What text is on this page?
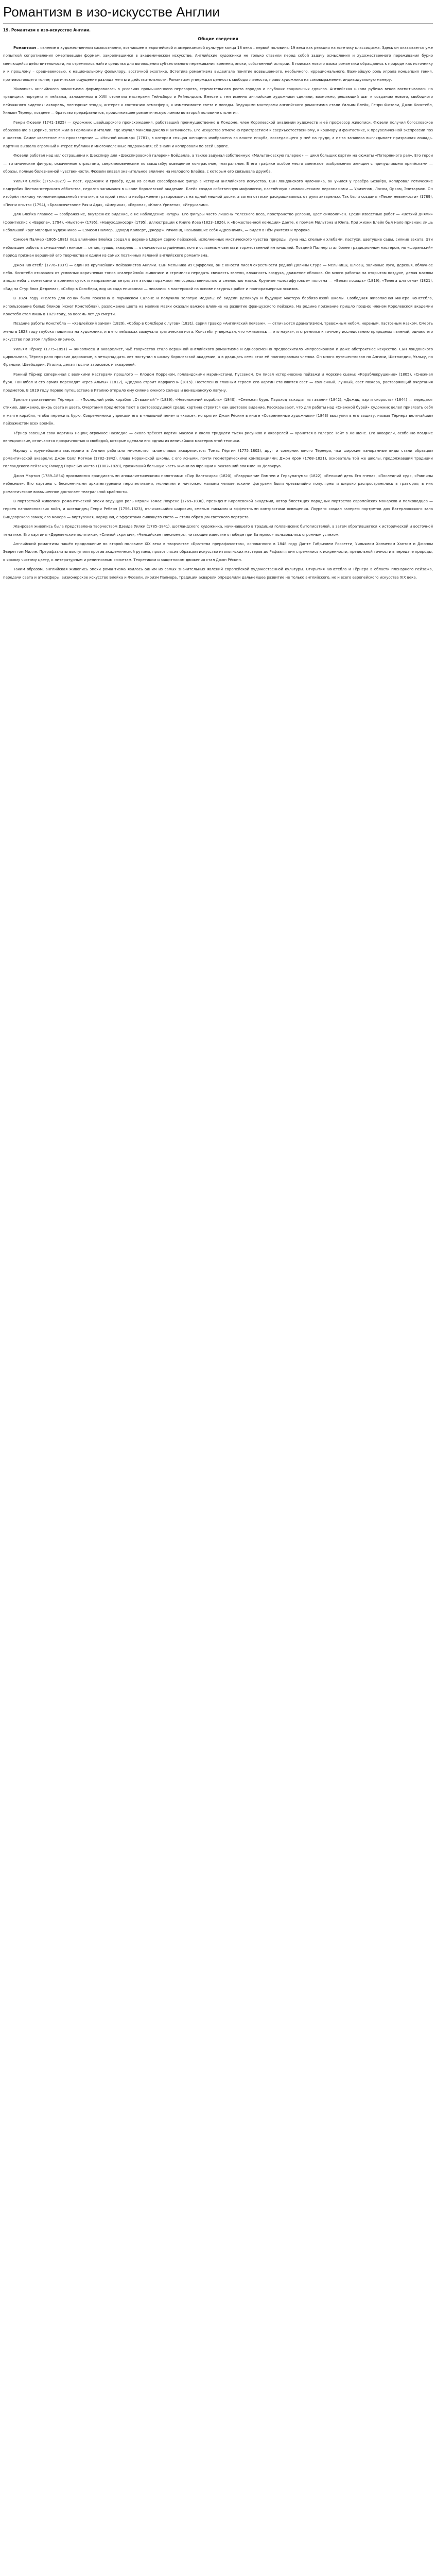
Романтизм в изо-искусстве Англии
19. Романтизм в изо-искусстве Англии.
Общие сведения

Романтизм – явление в художественном самосознании, возникшее в европейской и американской культуре конца 18 века – первой половины 19 века как реакция на эстетику классицизма. Здесь он оказывается уже попыткой сопротивления омертвевшим формам, закрепившимся в академическом искусстве. Английские художники не только ставили перед собой задачу осмысления и художественного переживания бурно меняющейся действительности, но стремились найти средства для воплощения субъективного переживания времени, эпохи, собственной истории. В поисках нового языка романтики обращались к природе как источнику и к прошлому – средневековью, к национальному фольклору, восточной экзотике. Эстетика романтизма выдвигала понятие возвышенного, необычного, иррационального. Важнейшую роль играла концепция гения, противостоящего толпе; трагическое ощущение разлада мечты и действительности. Романтизм утверждал ценность свободы личности, право художника на самовыражение, индивидуальную манеру.

Живопись английского романтизма формировалась в условиях промышленного переворота, стремительного роста городов и глубоких социальных сдвигов. Английская школа рубежа веков воспитывалась на традициях портрета и пейзажа, заложенных в XVIII столетии мастерами Гейнсборо и Рейнолдсом. Вместе с тем именно английские художники сделали, возможно, решающий шаг к созданию нового, свободного пейзажного видения: акварель, пленэрные этюды, интерес к состоянию атмосферы, к изменчивости света и погоды. Ведущими мастерами английского романтизма стали Уильям Блейк, Генри Фюзели, Джон Констебл, Уильям Тёрнер, позднее — братство прерафаэлитов, продолжившее романтическую линию во второй половине столетия.

Генри Фюзели (1741–1825) — художник швейцарского происхождения, работавший преимущественно в Лондоне, член Королевской академии художеств и её профессор живописи. Фюзели получил богословское образование в Цюрихе, затем жил в Германии и Италии, где изучал Микеланджело и античность. Его искусство отмечено пристрастием к сверхъестественному, к кошмару и фантастике, к преувеличенной экспрессии поз и жестов. Самое известное его произведение — «Ночной кошмар» (1781), в котором спящая женщина изображена во власти инкуба, восседающего у неё на груди, а из-за занавеса выглядывает призрачная лошадь. Картина вызвала огромный интерес публики и многочисленные подражания; её знали и копировали по всей Европе.

Фюзели работал над иллюстрациями к Шекспиру для «Шекспировской галереи» Бойделла, а также задумал собственную «Мильтоновскую галерею» — цикл больших картин на сюжеты «Потерянного рая». Его герои — титанические фигуры, охваченные страстями, сверхчеловеческие по масштабу; освещение контрастное, театральное. В его графике особое место занимают изображения женщин с причудливыми причёсками — образы, полные болезненной чувственности. Фюзели оказал значительное влияние на молодого Блейка, с которым его связывала дружба.

Уильям Блейк (1757–1827) — поэт, художник и гравёр, одна из самых своеобразных фигур в истории английского искусства. Сын лондонского чулочника, он учился у гравёра Безайра, копировал готические надгробия Вестминстерского аббатства, недолго занимался в школе Королевской академии. Блейк создал собственную мифологию, населённую символическими персонажами — Уризеном, Лосом, Орком, Энитармон. Он изобрёл технику «иллюминированной печати», в которой текст и изображение гравировались на одной медной доске, а затем оттиски раскрашивались от руки акварелью. Так были созданы «Песни невинности» (1789), «Песни опыта» (1794), «Бракосочетание Рая и Ада», «Америка», «Европа», «Книга Уризена», «Иерусалим».

Для Блейка главное — воображение, внутреннее видение, а не наблюдение натуры. Его фигуры часто лишены телесного веса, пространство условно, цвет символичен. Среди известных работ — «Ветхий днями» (фронтиспис к «Европе», 1794), «Ньютон» (1795), «Навуходоносор» (1795), иллюстрации к Книге Иова (1823–1826), к «Божественной комедии» Данте, к поэмам Мильтона и Юнга. При жизни Блейк был мало признан; лишь небольшой круг молодых художников — Сэмюэл Палмер, Эдвард Калверт, Джордж Ричмонд, называвшие себя «Древними», — видел в нём учителя и пророка.

Сэмюэл Палмер (1805–1881) под влиянием Блейка создал в деревне Шорэм серию пейзажей, исполненных мистического чувства природы: луна над спелыми хлебами, пастухи, цветущие сады, сияние заката. Эти небольшие работы в смешанной технике — сепия, гуашь, акварель — отличаются сгущённым, почти осязаемым светом и торжественной интонацией. Поздний Палмер стал более традиционным мастером, но «шорэмский» период признан вершиной его творчества и одним из самых поэтичных явлений английского романтизма.

Джон Констебл (1776–1837) — один из крупнейших пейзажистов Англии. Сын мельника из Суффолка, он с юности писал окрестности родной Долины Стура — мельницы, шлюзы, заливные луга, деревья, облачное небо. Констебл отказался от условных коричневых тонов «галерейной» живописи и стремился передать свежесть зелени, влажность воздуха, движение облаков. Он много работал на открытом воздухе, делая маслом этюды неба с пометками о времени суток и направлении ветра; эти этюды поражают непосредственностью и смелостью мазка. Крупные «шестифутовые» полотна — «Белая лошадь» (1819), «Телега для сена» (1821), «Вид на Стур близ Дедхема», «Собор в Солсбери, вид из сада епископа» — писались в мастерской на основе натурных работ и полноразмерных эскизов.

В 1824 году «Телега для сена» была показана в парижском Салоне и получила золотую медаль; её видели Делакруа и будущие мастера барбизонской школы. Свободная живописная манера Констебла, использование белых бликов («снег Констебла»), разложение цвета на мелкие мазки оказали важное влияние на развитие французского пейзажа. На родине признание пришло поздно: членом Королевской академии Констебл стал лишь в 1829 году, за восемь лет до смерти.

Поздние работы Констебла — «Хэдлейский замок» (1829), «Собор в Солсбери с лугов» (1831), серия гравюр «Английский пейзаж», — отличаются драматизмом, тревожным небом, нервным, пастозным мазком. Смерть жены в 1828 году глубоко повлияла на художника, и в его пейзажах зазвучала трагическая нота. Констебл утверждал, что «живопись — это наука», и стремился к точному исследованию природных явлений, однако его искусство при этом глубоко лирично.

Уильям Тёрнер (1775–1851) — живописец и акварелист, чьё творчество стало вершиной английского романтизма и одновременно предвосхитило импрессионизм и даже абстрактное искусство. Сын лондонского цирюльника, Тёрнер рано проявил дарование, в четырнадцать лет поступил в школу Королевской академии, а в двадцать семь стал её полноправным членом. Он много путешествовал по Англии, Шотландии, Уэльсу, по Франции, Швейцарии, Италии, делая тысячи зарисовок и акварелей.

Ранний Тёрнер соперничал с великими мастерами прошлого — Клодом Лорреном, голландскими маринистами, Пуссеном. Он писал исторические пейзажи и морские сцены: «Кораблекрушение» (1805), «Снежная буря. Ганнибал и его армия переходят через Альпы» (1812), «Дидона строит Карфаген» (1815). Постепенно главным героем его картин становится свет — солнечный, лунный, свет пожара, растворяющий очертания предметов. В 1819 году первое путешествие в Италию открыло ему сияние южного солнца и венецианскую лагуну.

Зрелые произведения Тёрнера — «Последний рейс корабля „Отважный“» (1839), «Невольничий корабль» (1840), «Снежная буря. Пароход выходит из гавани» (1842), «Дождь, пар и скорость» (1844) — передают стихию, движение, вихрь света и цвета. Очертания предметов тают в световоздушной среде; картина строится как цветовое видение. Рассказывают, что для работы над «Снежной бурей» художник велел привязать себя к мачте корабля, чтобы пережить бурю. Современники упрекали его в «мыльной пене» и «хаосе», но критик Джон Рёскин в книге «Современные художники» (1843) выступил в его защиту, назвав Тёрнера величайшим пейзажистом всех времён.

Тёрнер завещал свои картины нации; огромное наследие — около трёхсот картин маслом и около тридцати тысяч рисунков и акварелей — хранится в галерее Тейт в Лондоне. Его акварели, особенно поздние венецианские, отличаются прозрачностью и свободой, которые сделали его одним из величайших мастеров этой техники.

Наряду с крупнейшими мастерами в Англии работало множество талантливых акварелистов: Томас Гёртин (1775–1802), друг и соперник юного Тёрнера, чьи широкие панорамные виды стали образцом романтической акварели; Джон Селл Котман (1782–1842), глава Норвичской школы, с его ясными, почти геометрическими композициями; Джон Кром (1768–1821), основатель той же школы, продолжавший традиции голландского пейзажа; Ричард Паркс Бонингтон (1802–1828), проживший большую часть жизни во Франции и оказавший влияние на Делакруа.

Джон Мартин (1789–1854) прославился грандиозными апокалиптическими полотнами: «Пир Валтасара» (1820), «Разрушение Помпеи и Геркуланума» (1822), «Великий день Его гнева», «Последний суд», «Равнины небесные». Его картины с бесконечными архитектурными перспективами, молниями и ничтожно малыми человеческими фигурами были чрезвычайно популярны и широко распространялись в гравюрах; в них романтическое возвышенное достигает театральной крайности.

В портретной живописи романтической эпохи ведущую роль играли Томас Лоуренс (1769–1830), президент Королевской академии, автор блестящих парадных портретов европейских монархов и полководцев — героев наполеоновских войн, и шотландец Генри Реберн (1756–1823), отличавшийся широким, смелым письмом и эффектными контрастами освещения. Лоуренс создал галерею портретов для Ватерлоосского зала Виндзорского замка; его манера — виртуозная, нарядная, с эффектами сияющего света — стала образцом светского портрета.

Жанровая живопись была представлена творчеством Дэвида Уилки (1785–1841), шотландского художника, начинавшего в традиции голландских бытописателей, а затем обратившегося к исторической и восточной тематике. Его картины «Деревенские политики», «Слепой скрипач», «Челсийские пенсионеры, читающие известие о победе при Ватерлоо» пользовались огромным успехом.

Английский романтизм нашёл продолжение во второй половине XIX века в творчестве «Братства прерафаэлитов», основанного в 1848 году Данте Габриэлем Россетти, Уильямом Холменом Хантом и Джоном Эвереттом Милле. Прерафаэлиты выступили против академической рутины, провозгласив образцом искусство итальянских мастеров до Рафаэля; они стремились к искренности, предельной точности в передаче природы, к яркому чистому цвету, к литературным и религиозным сюжетам. Теоретиком и защитником движения стал Джон Рёскин.

Таким образом, английская живопись эпохи романтизма явилась одним из самых значительных явлений европейской художественной культуры. Открытия Констебла и Тёрнера в области пленэрного пейзажа, передачи света и атмосферы, визионерское искусство Блейка и Фюзели, лиризм Палмера, традиции акварели определили дальнейшее развитие не только английского, но и всего европейского искусства XIX века.
